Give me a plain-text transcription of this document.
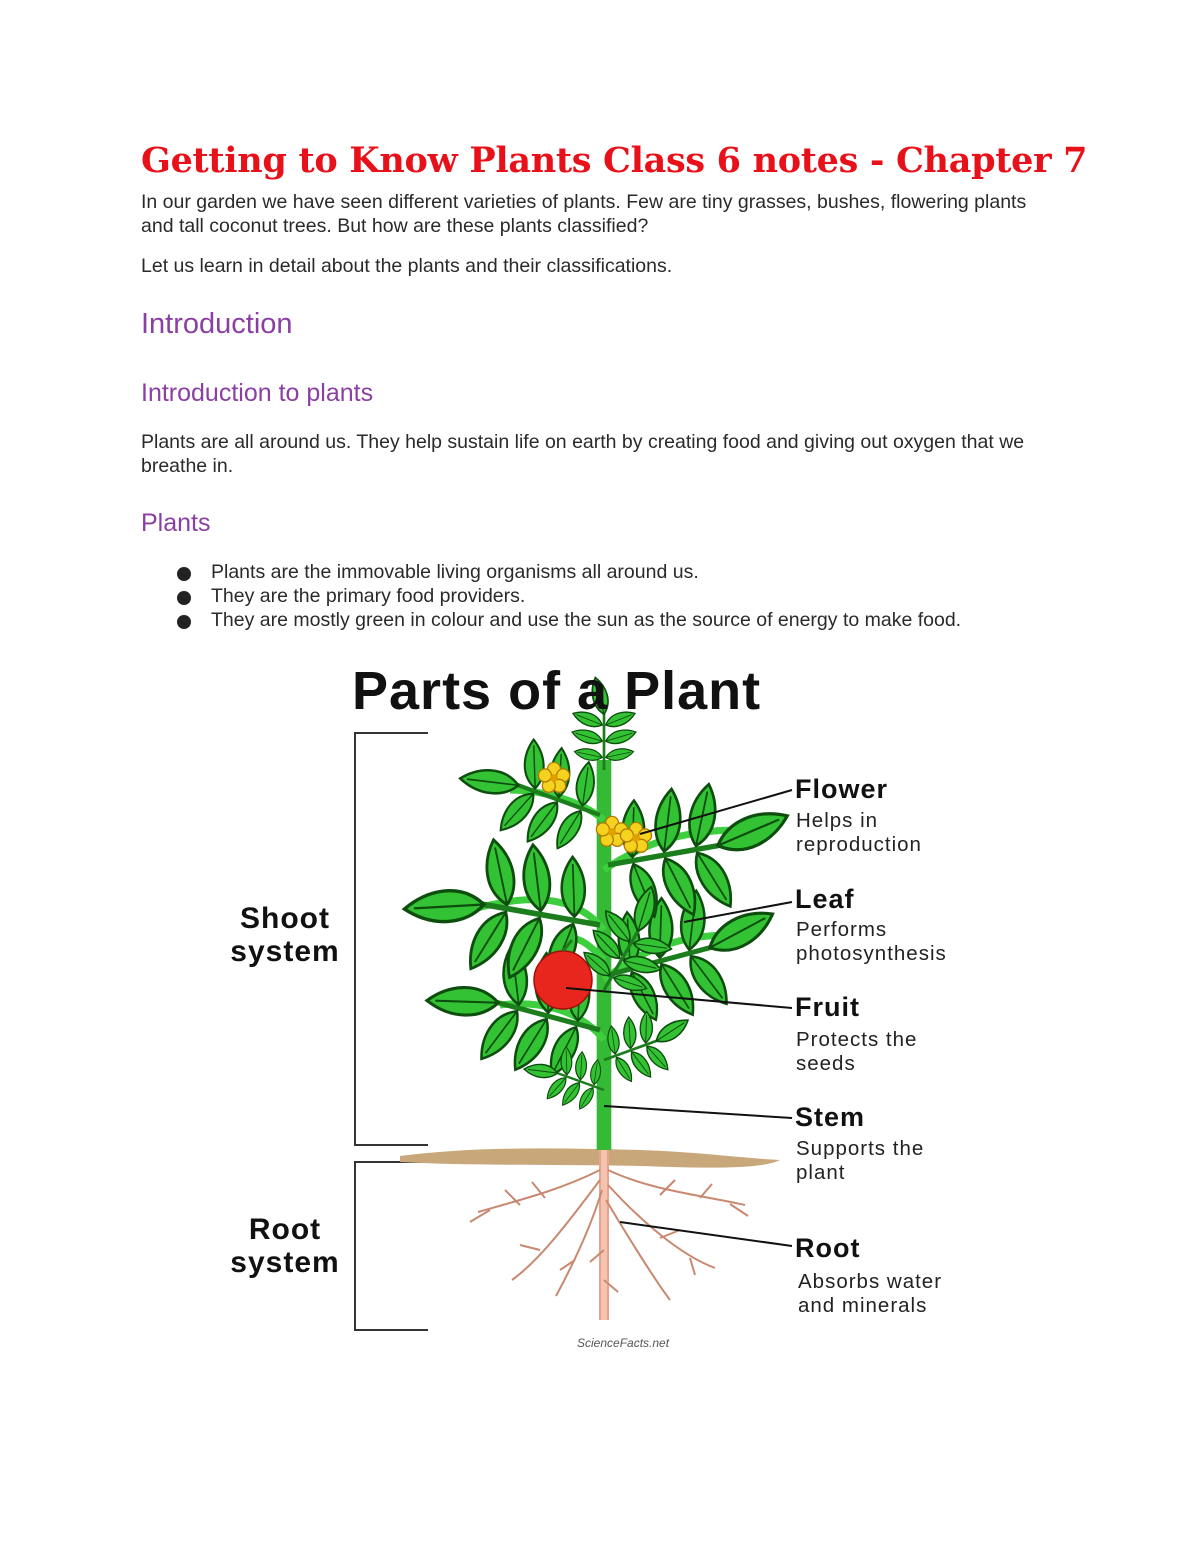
Getting to Know Plants Class 6 notes - Chapter 7

In our garden we have seen different varieties of plants. Few are tiny grasses, bushes, flowering plants and tall coconut trees. But how are these plants classified?

Let us learn in detail about the plants and their classifications.

Introduction
Introduction to plants

Plants are all around us. They help sustain life on earth by creating food and giving out oxygen that we breathe in.

Plants
Plants are the immovable living organisms all around us.
They are the primary food providers.
They are mostly green in colour and use the sun as the source of energy to make food.
Parts of a Plant

Shoot system

Root system

Flower

Helps in reproduction

Leaf

Performs photosynthesis

Fruit

Protects the seeds

Stem

Supports the plant

Root

Absorbs water and minerals

ScienceFacts.net
